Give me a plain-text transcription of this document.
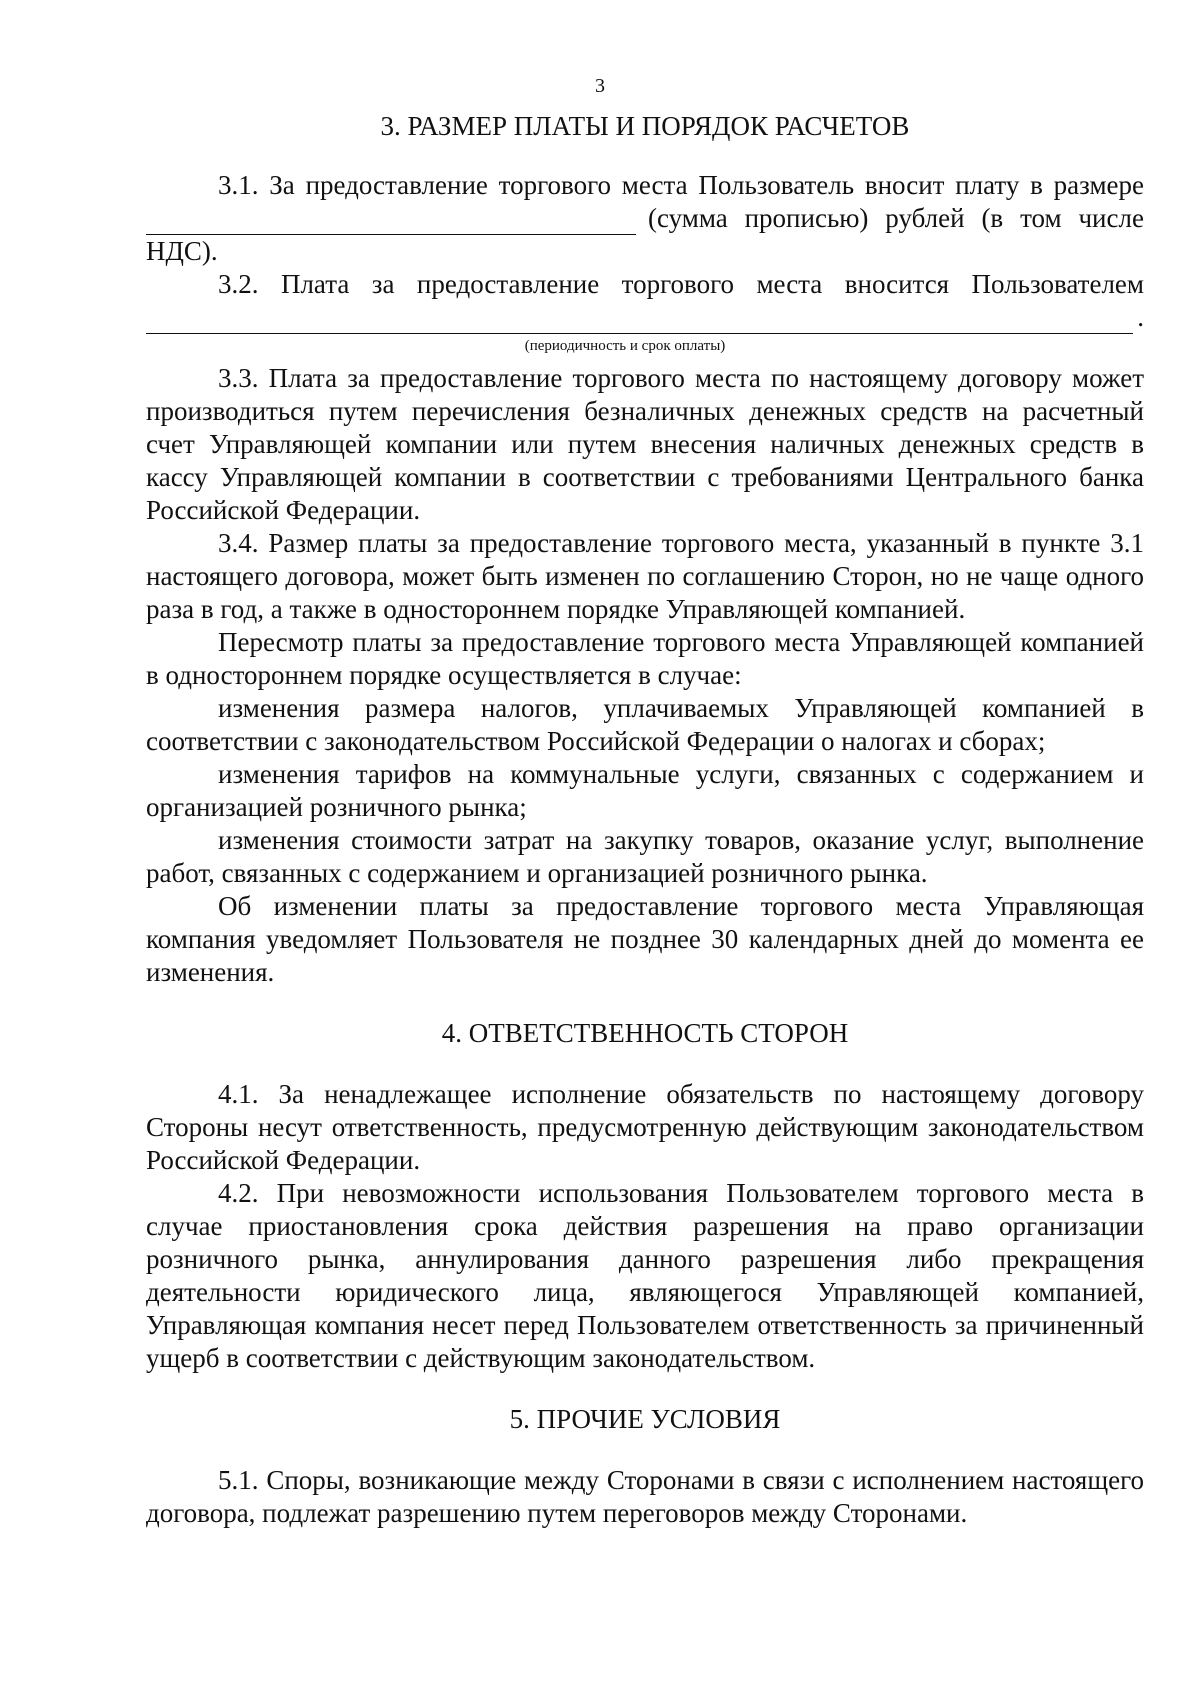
3
3. РАЗМЕР ПЛАТЫ И ПОРЯДОК РАСЧЕТОВ

3.1. За предоставление торгового места Пользователь вносит плату в размере

(сумма прописью) рублей (в том числе

НДС).

3.2. Плата за предоставление торгового места вносится Пользователем

.
(периодичность и срок оплаты)

3.3. Плата за предоставление торгового места по настоящему договору может производиться путем перечисления безналичных денежных средств на расчетный счет Управляющей компании или путем внесения наличных денежных средств в кассу Управляющей компании в соответствии с требованиями Центрального банка Российской Федерации.

3.4. Размер платы за предоставление торгового места, указанный в пункте 3.1 настоящего договора, может быть изменен по соглашению Сторон, но не чаще одного раза в год, а также в одностороннем порядке Управляющей компанией.

Пересмотр платы за предоставление торгового места Управляющей компанией в одностороннем порядке осуществляется в случае:

изменения размера налогов, уплачиваемых Управляющей компанией в соответствии с законодательством Российской Федерации о налогах и сборах;

изменения тарифов на коммунальные услуги, связанных с содержанием и организацией розничного рынка;

изменения стоимости затрат на закупку товаров, оказание услуг, выполнение работ, связанных с содержанием и организацией розничного рынка.

Об изменении платы за предоставление торгового места Управляющая компания уведомляет Пользователя не позднее 30 календарных дней до момента ее изменения.

4. ОТВЕТСТВЕННОСТЬ СТОРОН

4.1. За ненадлежащее исполнение обязательств по настоящему договору Стороны несут ответственность, предусмотренную действующим законодательством Российской Федерации.

4.2. При невозможности использования Пользователем торгового места в случае приостановления срока действия разрешения на право организации розничного рынка, аннулирования данного разрешения либо прекращения деятельности юридического лица, являющегося Управляющей компанией, Управляющая компания несет перед Пользователем ответственность за причиненный ущерб в соответствии с действующим законодательством.

5. ПРОЧИЕ УСЛОВИЯ

5.1. Споры, возникающие между Сторонами в связи с исполнением настоящего договора, подлежат разрешению путем переговоров между Сторонами.
